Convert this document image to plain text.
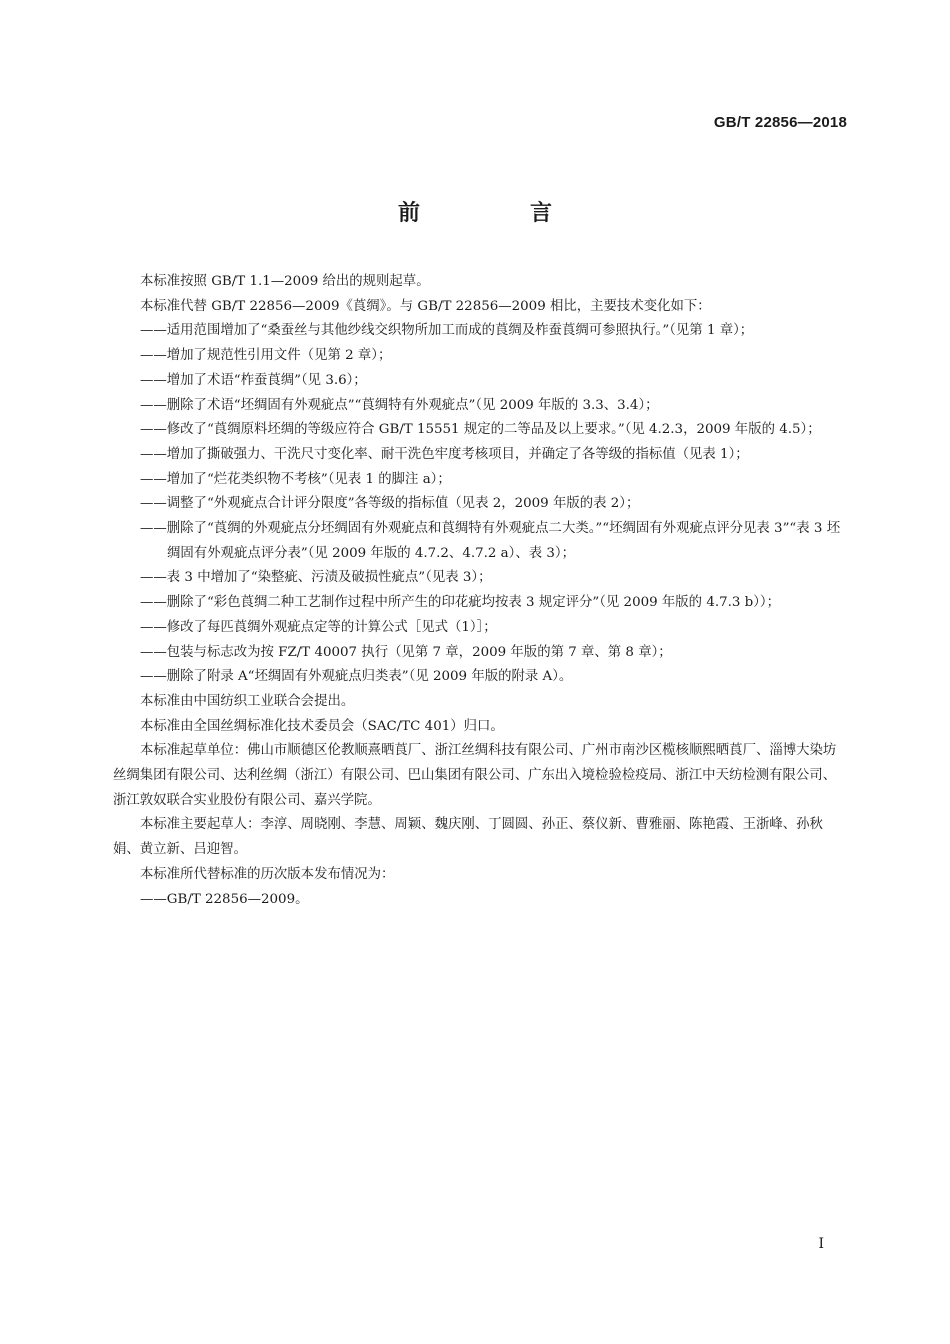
GB/T 22856—2018
前　言

本标准按照 GB/T 1.1—2009 给出的规则起草。

本标准代替 GB/T 22856—2009《莨绸》。与 GB/T 22856—2009 相比，主要技术变化如下：

——适用范围增加了“桑蚕丝与其他纱线交织物所加工而成的莨绸及柞蚕莨绸可参照执行。”（见第 1 章）；

——增加了规范性引用文件（见第 2 章）；

——增加了术语“柞蚕莨绸”（见 3.6）；

——删除了术语“坯绸固有外观疵点”“莨绸特有外观疵点”（见 2009 年版的 3.3、3.4）；

——修改了“莨绸原料坯绸的等级应符合 GB/T 15551 规定的二等品及以上要求。”（见 4.2.3，2009 年版的 4.5）；

——增加了撕破强力、干洗尺寸变化率、耐干洗色牢度考核项目，并确定了各等级的指标值（见表 1）；

——增加了“烂花类织物不考核”（见表 1 的脚注 a）；

——调整了“外观疵点合计评分限度”各等级的指标值（见表 2，2009 年版的表 2）；

——删除了“莨绸的外观疵点分坯绸固有外观疵点和莨绸特有外观疵点二大类。”“坯绸固有外观疵点评分见表 3”“表 3 坯绸固有外观疵点评分表”（见 2009 年版的 4.7.2、4.7.2 a）、表 3）；

——表 3 中增加了“染整疵、污渍及破损性疵点”（见表 3）；

——删除了“彩色莨绸二种工艺制作过程中所产生的印花疵均按表 3 规定评分”（见 2009 年版的 4.7.3 b））；

——修改了每匹莨绸外观疵点定等的计算公式［见式（1）］；

——包装与标志改为按 FZ/T 40007 执行（见第 7 章，2009 年版的第 7 章、第 8 章）；

——删除了附录 A“坯绸固有外观疵点归类表”（见 2009 年版的附录 A）。

本标准由中国纺织工业联合会提出。

本标准由全国丝绸标准化技术委员会（SAC/TC 401）归口。

本标准起草单位：佛山市顺德区伦教顺熹晒莨厂、浙江丝绸科技有限公司、广州市南沙区榄核顺熙晒莨厂、淄博大染坊丝绸集团有限公司、达利丝绸（浙江）有限公司、巴山集团有限公司、广东出入境检验检疫局、浙江中天纺检测有限公司、浙江敦奴联合实业股份有限公司、嘉兴学院。

本标准主要起草人：李淳、周晓刚、李慧、周颖、魏庆刚、丁圆圆、孙正、蔡仪新、曹雅丽、陈艳霞、王浙峰、孙秋娟、黄立新、吕迎智。

本标准所代替标准的历次版本发布情况为：

——GB/T 22856—2009。

I
